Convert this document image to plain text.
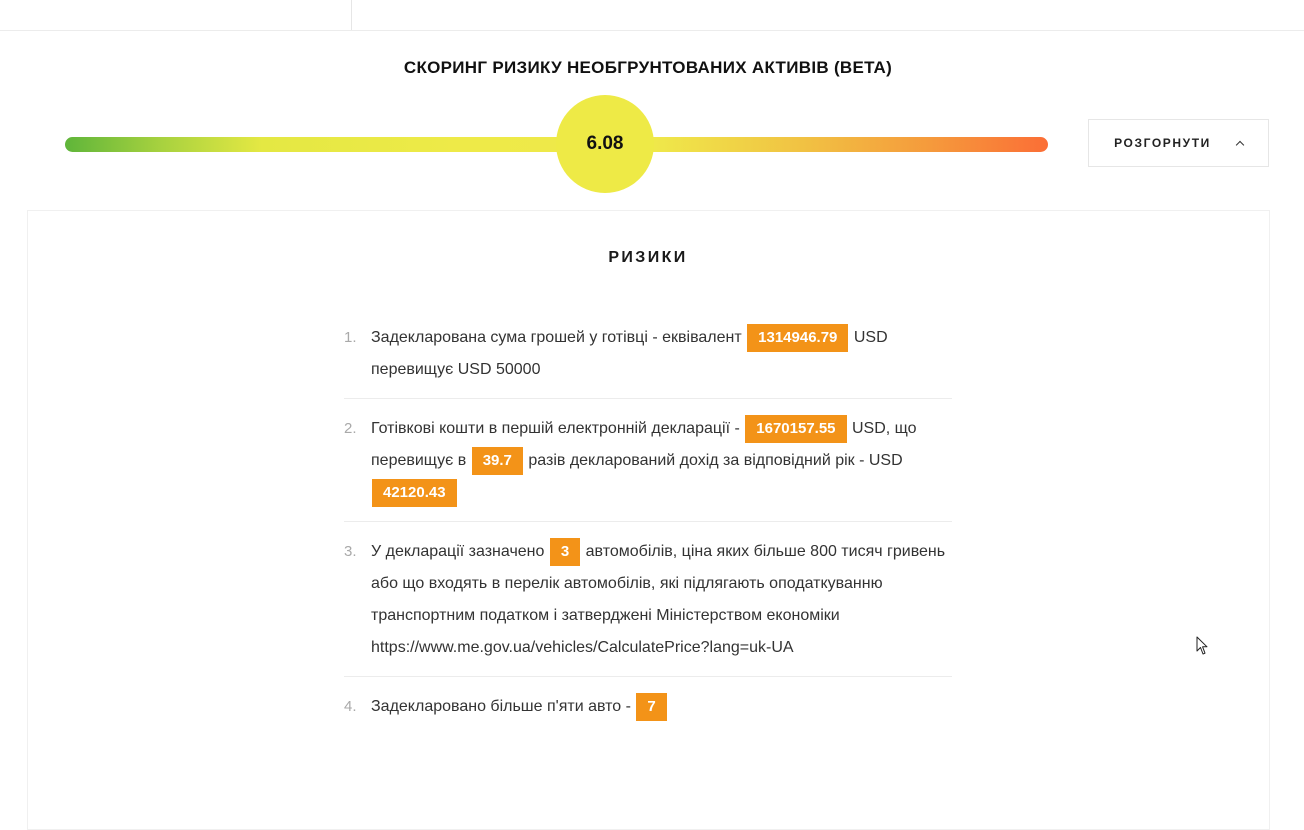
СКОРИНГ РИЗИКУ НЕОБГРУНТОВАНИХ АКТИВІВ (BETA)
6.08	РОЗГОРНУТИ
РИЗИКИ
1. Задекларована сума грошей у готівці - еквівалент 1314946.79 USD перевищує USD 50000
2. Готівкові кошти в першій електронній декларації - 1670157.55 USD, що перевищує в 39.7 разів декларований дохід за відповідний рік - USD 42120.43
3. У декларації зазначено 3 автомобілів, ціна яких більше 800 тисяч гривень або що входять в перелік автомобілів, які підлягають оподаткуванню транспортним податком і затверджені Міністерством економіки https://www.me.gov.ua/vehicles/CalculatePrice?lang=uk-UA
4. Задекларовано більше п'яти авто - 7
